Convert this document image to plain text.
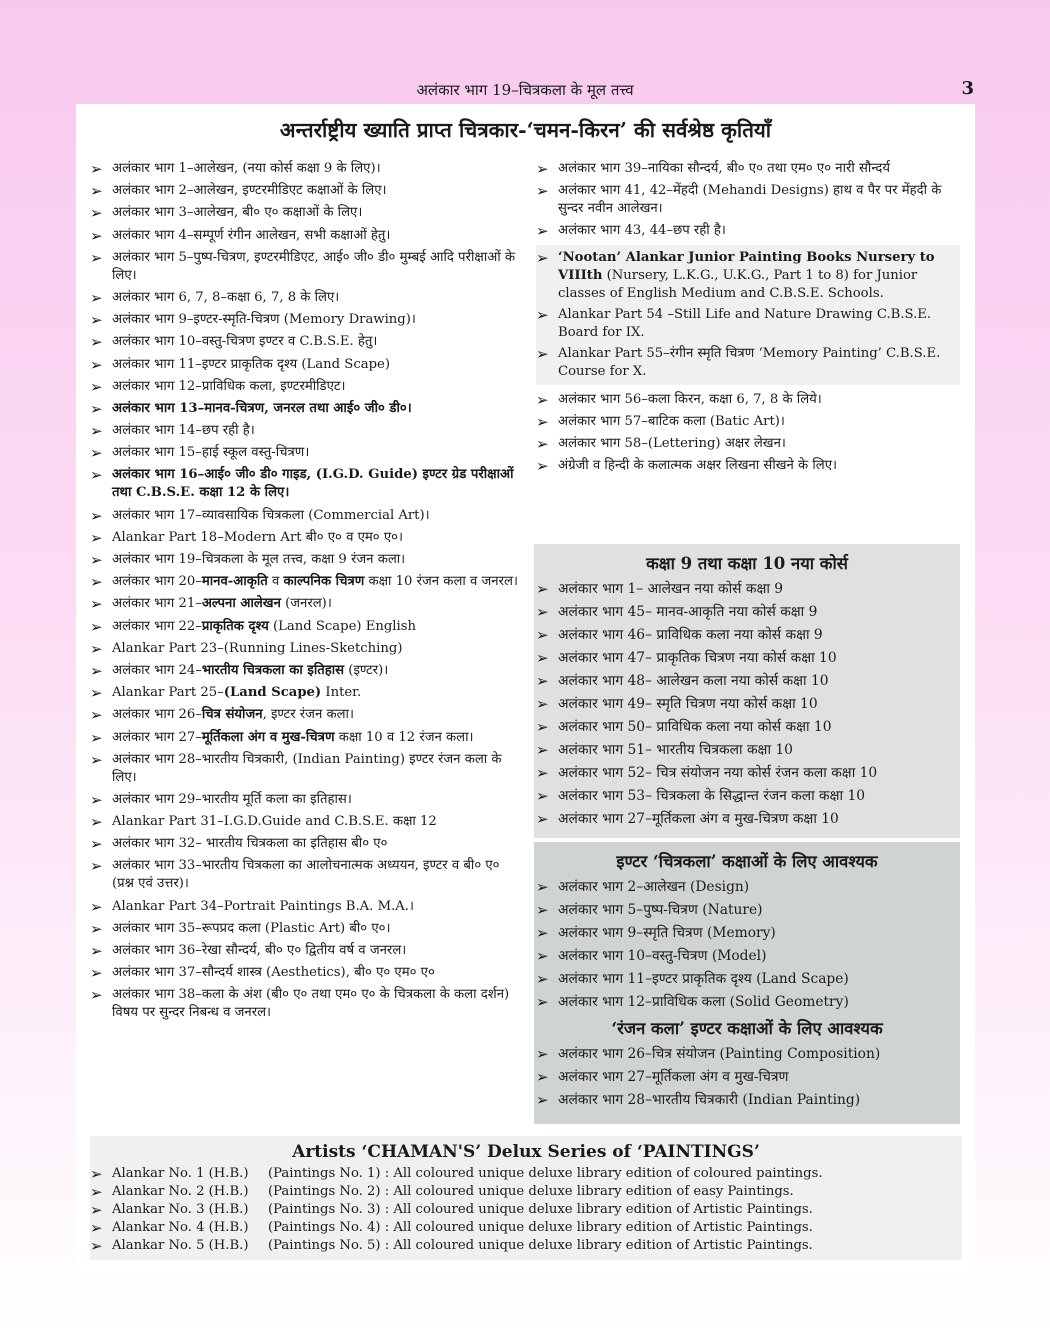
अलंकार भाग 19–चित्रकला के मूल तत्त्व	3
अन्तर्राष्ट्रीय ख्याति प्राप्त चित्रकार-‘चमन-किरन’ की सर्वश्रेष्ठ कृतियाँ
➢ अलंकार भाग 1–आलेखन, (नया कोर्स कक्षा 9 के लिए)।
➢ अलंकार भाग 2–आलेखन, इण्टरमीडिएट कक्षाओं के लिए।
➢ अलंकार भाग 3–आलेखन, बी० ए० कक्षाओं के लिए।
➢ अलंकार भाग 4–सम्पूर्ण रंगीन आलेखन, सभी कक्षाओं हेतु।
➢ अलंकार भाग 5–पुष्प-चित्रण, इण्टरमीडिएट, आई० जी० डी० मुम्बई आदि परीक्षाओं के लिए।
➢ अलंकार भाग 6, 7, 8–कक्षा 6, 7, 8 के लिए।
➢ अलंकार भाग 9–इण्टर-स्मृति-चित्रण (Memory Drawing)।
➢ अलंकार भाग 10–वस्तु-चित्रण इण्टर व C.B.S.E. हेतु।
➢ अलंकार भाग 11–इण्टर प्राकृतिक दृश्य (Land Scape)
➢ अलंकार भाग 12–प्राविधिक कला, इण्टरमीडिएट।
➢ अलंकार भाग 13–मानव-चित्रण, जनरल तथा आई० जी० डी०।
➢ अलंकार भाग 14–छप रही है।
➢ अलंकार भाग 15–हाई स्कूल वस्तु-चित्रण।
➢ अलंकार भाग 16–आई० जी० डी० गाइड, (I.G.D. Guide) इण्टर ग्रेड परीक्षाओं तथा C.B.S.E. कक्षा 12 के लिए।
➢ अलंकार भाग 17–व्यावसायिक चित्रकला (Commercial Art)।
➢ Alankar Part 18–Modern Art बी० ए० व एम० ए०।
➢ अलंकार भाग 19–चित्रकला के मूल तत्त्व, कक्षा 9 रंजन कला।
➢ अलंकार भाग 20–मानव-आकृति व काल्पनिक चित्रण कक्षा 10 रंजन कला व जनरल।
➢ अलंकार भाग 21–अल्पना आलेखन (जनरल)।
➢ अलंकार भाग 22–प्राकृतिक दृश्य (Land Scape) English
➢ Alankar Part 23–(Running Lines-Sketching)
➢ अलंकार भाग 24–भारतीय चित्रकला का इतिहास (इण्टर)।
➢ Alankar Part 25–(Land Scape) Inter.
➢ अलंकार भाग 26–चित्र संयोजन, इण्टर रंजन कला।
➢ अलंकार भाग 27–मूर्तिकला अंग व मुख-चित्रण कक्षा 10 व 12 रंजन कला।
➢ अलंकार भाग 28–भारतीय चित्रकारी, (Indian Painting) इण्टर रंजन कला के लिए।
➢ अलंकार भाग 29–भारतीय मूर्ति कला का इतिहास।
➢ Alankar Part 31–I.G.D.Guide and C.B.S.E. कक्षा 12
➢ अलंकार भाग 32– भारतीय चित्रकला का इतिहास बी० ए०
➢ अलंकार भाग 33–भारतीय चित्रकला का आलोचनात्मक अध्ययन, इण्टर व बी० ए० (प्रश्न एवं उत्तर)।
➢ Alankar Part 34–Portrait Paintings B.A. M.A.।
➢ अलंकार भाग 35–रूपप्रद कला (Plastic Art) बी० ए०।
➢ अलंकार भाग 36–रेखा सौन्दर्य, बी० ए० द्वितीय वर्ष व जनरल।
➢ अलंकार भाग 37–सौन्दर्य शास्त्र (Aesthetics), बी० ए० एम० ए०
➢ अलंकार भाग 38–कला के अंश (बी० ए० तथा एम० ए० के चित्रकला के कला दर्शन) विषय पर सुन्दर निबन्ध व जनरल।
➢ अलंकार भाग 39–नायिका सौन्दर्य, बी० ए० तथा एम० ए० नारी सौन्दर्य
➢ अलंकार भाग 41, 42–मेंहदी (Mehandi Designs) हाथ व पैर पर मेंहदी के सुन्दर नवीन आलेखन।
➢ अलंकार भाग 43, 44–छप रही है।
➢ ‘Nootan’ Alankar Junior Painting Books Nursery to VIIIth (Nursery, L.K.G., U.K.G., Part 1 to 8) for Junior classes of English Medium and C.B.S.E. Schools.
➢ Alankar Part 54 –Still Life and Nature Drawing C.B.S.E. Board for IX.
➢ Alankar Part 55–रंगीन स्मृति चित्रण ‘Memory Painting’ C.B.S.E. Course for X.
➢ अलंकार भाग 56–कला किरन, कक्षा 6, 7, 8 के लिये।
➢ अलंकार भाग 57–बाटिक कला (Batic Art)।
➢ अलंकार भाग 58–(Lettering) अक्षर लेखन।
➢ अंग्रेजी व हिन्दी के कलात्मक अक्षर लिखना सीखने के लिए।
कक्षा 9 तथा कक्षा 10 नया कोर्स
➢ अलंकार भाग 1– आलेखन नया कोर्स कक्षा 9
➢ अलंकार भाग 45– मानव-आकृति नया कोर्स कक्षा 9
➢ अलंकार भाग 46– प्राविधिक कला नया कोर्स कक्षा 9
➢ अलंकार भाग 47– प्राकृतिक चित्रण नया कोर्स कक्षा 10
➢ अलंकार भाग 48– आलेखन कला नया कोर्स कक्षा 10
➢ अलंकार भाग 49– स्मृति चित्रण नया कोर्स कक्षा 10
➢ अलंकार भाग 50– प्राविधिक कला नया कोर्स कक्षा 10
➢ अलंकार भाग 51– भारतीय चित्रकला कक्षा 10
➢ अलंकार भाग 52– चित्र संयोजन नया कोर्स रंजन कला कक्षा 10
➢ अलंकार भाग 53– चित्रकला के सिद्धान्त रंजन कला कक्षा 10
➢ अलंकार भाग 27–मूर्तिकला अंग व मुख-चित्रण कक्षा 10
इण्टर ‘चित्रकला’ कक्षाओं के लिए आवश्यक
➢ अलंकार भाग 2–आलेखन (Design)
➢ अलंकार भाग 5–पुष्प-चित्रण (Nature)
➢ अलंकार भाग 9–स्मृति चित्रण (Memory)
➢ अलंकार भाग 10–वस्तु-चित्रण (Model)
➢ अलंकार भाग 11–इण्टर प्राकृतिक दृश्य (Land Scape)
➢ अलंकार भाग 12–प्राविधिक कला (Solid Geometry)
‘रंजन कला’ इण्टर कक्षाओं के लिए आवश्यक
➢ अलंकार भाग 26–चित्र संयोजन (Painting Composition)
➢ अलंकार भाग 27–मूर्तिकला अंग व मुख-चित्रण
➢ अलंकार भाग 28–भारतीय चित्रकारी (Indian Painting)
Artists ‘CHAMAN'S’ Delux Series of ‘PAINTINGS’
➢ Alankar No. 1 (H.B.)	(Paintings No. 1) : All coloured unique deluxe library edition of coloured paintings.
➢ Alankar No. 2 (H.B.)	(Paintings No. 2) : All coloured unique deluxe library edition of easy Paintings.
➢ Alankar No. 3 (H.B.)	(Paintings No. 3) : All coloured unique deluxe library edition of Artistic Paintings.
➢ Alankar No. 4 (H.B.)	(Paintings No. 4) : All coloured unique deluxe library edition of Artistic Paintings.
➢ Alankar No. 5 (H.B.)	(Paintings No. 5) : All coloured unique deluxe library edition of Artistic Paintings.
